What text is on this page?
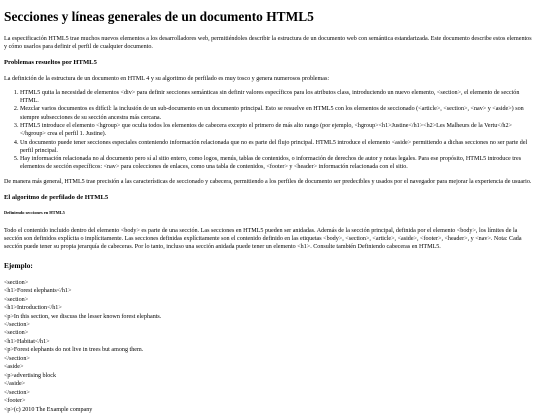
Secciones y líneas generales de un documento HTML5

La especificación HTML5 trae muchos nuevos elementos a los desarrolladores web, permitiéndoles describir la estructura de un documento web con semántica estandarizada. Este documento describe estos elementos y cómo usarlos para definir el perfil de cualquier documento.

Problemas resueltos por HTML5

La definición de la estructura de un documento en HTML 4 y su algoritmo de perfilado es muy tosco y genera numerosos problemas:

1. HTML5 quita la necesidad de elementos <div> para definir secciones semánticas sin definir valores específicos para los atributos class, introduciendo un nuevo elemento, <section>, el elemento de sección HTML.
2. Mezclar varios documentos es difícil: la inclusión de un sub-documento en un documento principal. Esto se resuelve en HTML5 con los elementos de seccionado (<article>, <section>, <nav> y <aside>) son siempre subsecciones de su sección ancestra más cercana.
3. HTML5 introduce el elemento <hgroup> que oculta todos los elementos de cabecera excepto el primero de más alto rango (por ejemplo, <hgroup><h1>Justine</h1><h2>Les Malheurs de la Vertu</h2></hgroup> crea el perfil 1. Justine).
4. Un documento puede tener secciones especiales conteniendo información relacionada que no es parte del flujo principal. HTML5 introduce el elemento <aside> permitiendo a dichas secciones no ser parte del perfil principal.
5. Hay información relacionada no al documento pero sí al sitio entero, como logos, menús, tablas de contenidos, o información de derechos de autor y notas legales. Para ese propósito, HTML5 introduce tres elementos de sección específicos: <nav> para colecciones de enlaces, como una tabla de contenidos, <footer> y <header> información relacionada con el sitio.

De manera más general, HTML5 trae precisión a las características de seccionado y cabecera, permitiendo a los perfiles de documento ser predecibles y usados por el navegador para mejorar la experiencia de usuario.

El algoritmo de perfilado de HTML5
Definiendo secciones en HTML5

Todo el contenido incluido dentro del elemento <body> es parte de una sección. Las secciones en HTML5 pueden ser anidadas. Además de la sección principal, definida por el elemento <body>, los límites de la sección son definidos explícita o implícitamente. Las secciones definidas explícitamente son el contenido definido en las etiquetas <body>, <section>, <article>, <aside>, <footer>, <header>, y <nav>. Nota: Cada sección puede tener su propia jerarquía de cabeceras. Por lo tanto, incluso una sección anidada puede tener un elemento <h1>. Consulte también Definiendo cabeceras en HTML5.

Ejemplo:
<section>
<h1>Forest elephants</h1>
<section>
<h1>Introduction</h1>
<p>In this section, we discuss the lesser known forest elephants.
</section>
<section>
<h1>Habitat</h1>
<p>Forest elephants do not live in trees but among them.
</section>
<aside>
<p>advertising block
</aside>
</section>
<footer>
<p>(c) 2010 The Example company
